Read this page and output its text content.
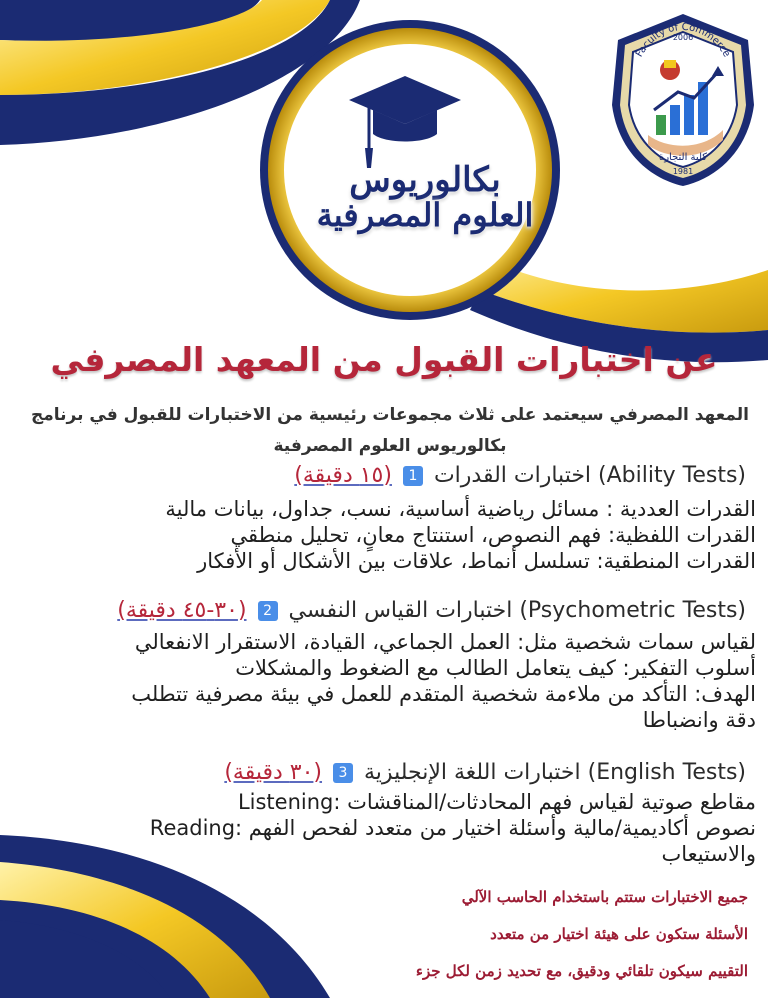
بكالوريوس
العلوم المصرفية
Faculty of Commerce
2006
كلية التجارة
1981
عن اختبارات القبول من المعهد المصرفي
المعهد المصرفي سيعتمد على ثلاث مجموعات رئيسية من الاختبارات للقبول في برنامج
بكالوريوس العلوم المصرفية
(Ability Tests) اختبارات القدرات 1 (١٥ دقيقة)
القدرات العددية : مسائل رياضية أساسية، نسب، جداول، بيانات مالية
القدرات اللفظية: فهم النصوص، استنتاج معانٍ، تحليل منطقي
القدرات المنطقية: تسلسل أنماط، علاقات بين الأشكال أو الأفكار
(Psychometric Tests) اختبارات القياس النفسي 2 (٣٠-٤٥ دقيقة)
لقياس سمات شخصية مثل: العمل الجماعي، القيادة، الاستقرار الانفعالي
أسلوب التفكير: كيف يتعامل الطالب مع الضغوط والمشكلات
الهدف: التأكد من ملاءمة شخصية المتقدم للعمل في بيئة مصرفية تتطلب
دقة وانضباطا
(English Tests) اختبارات اللغة الإنجليزية 3 (٣٠ دقيقة)
مقاطع صوتية لقياس فهم المحادثات/المناقشات :Listening
نصوص أكاديمية/مالية وأسئلة اختيار من متعدد لفحص الفهم :Reading
والاستيعاب
جميع الاختبارات ستتم باستخدام الحاسب الآلي
الأسئلة ستكون على هيئة اختيار من متعدد
التقييم سيكون تلقائي ودقيق، مع تحديد زمن لكل جزء
